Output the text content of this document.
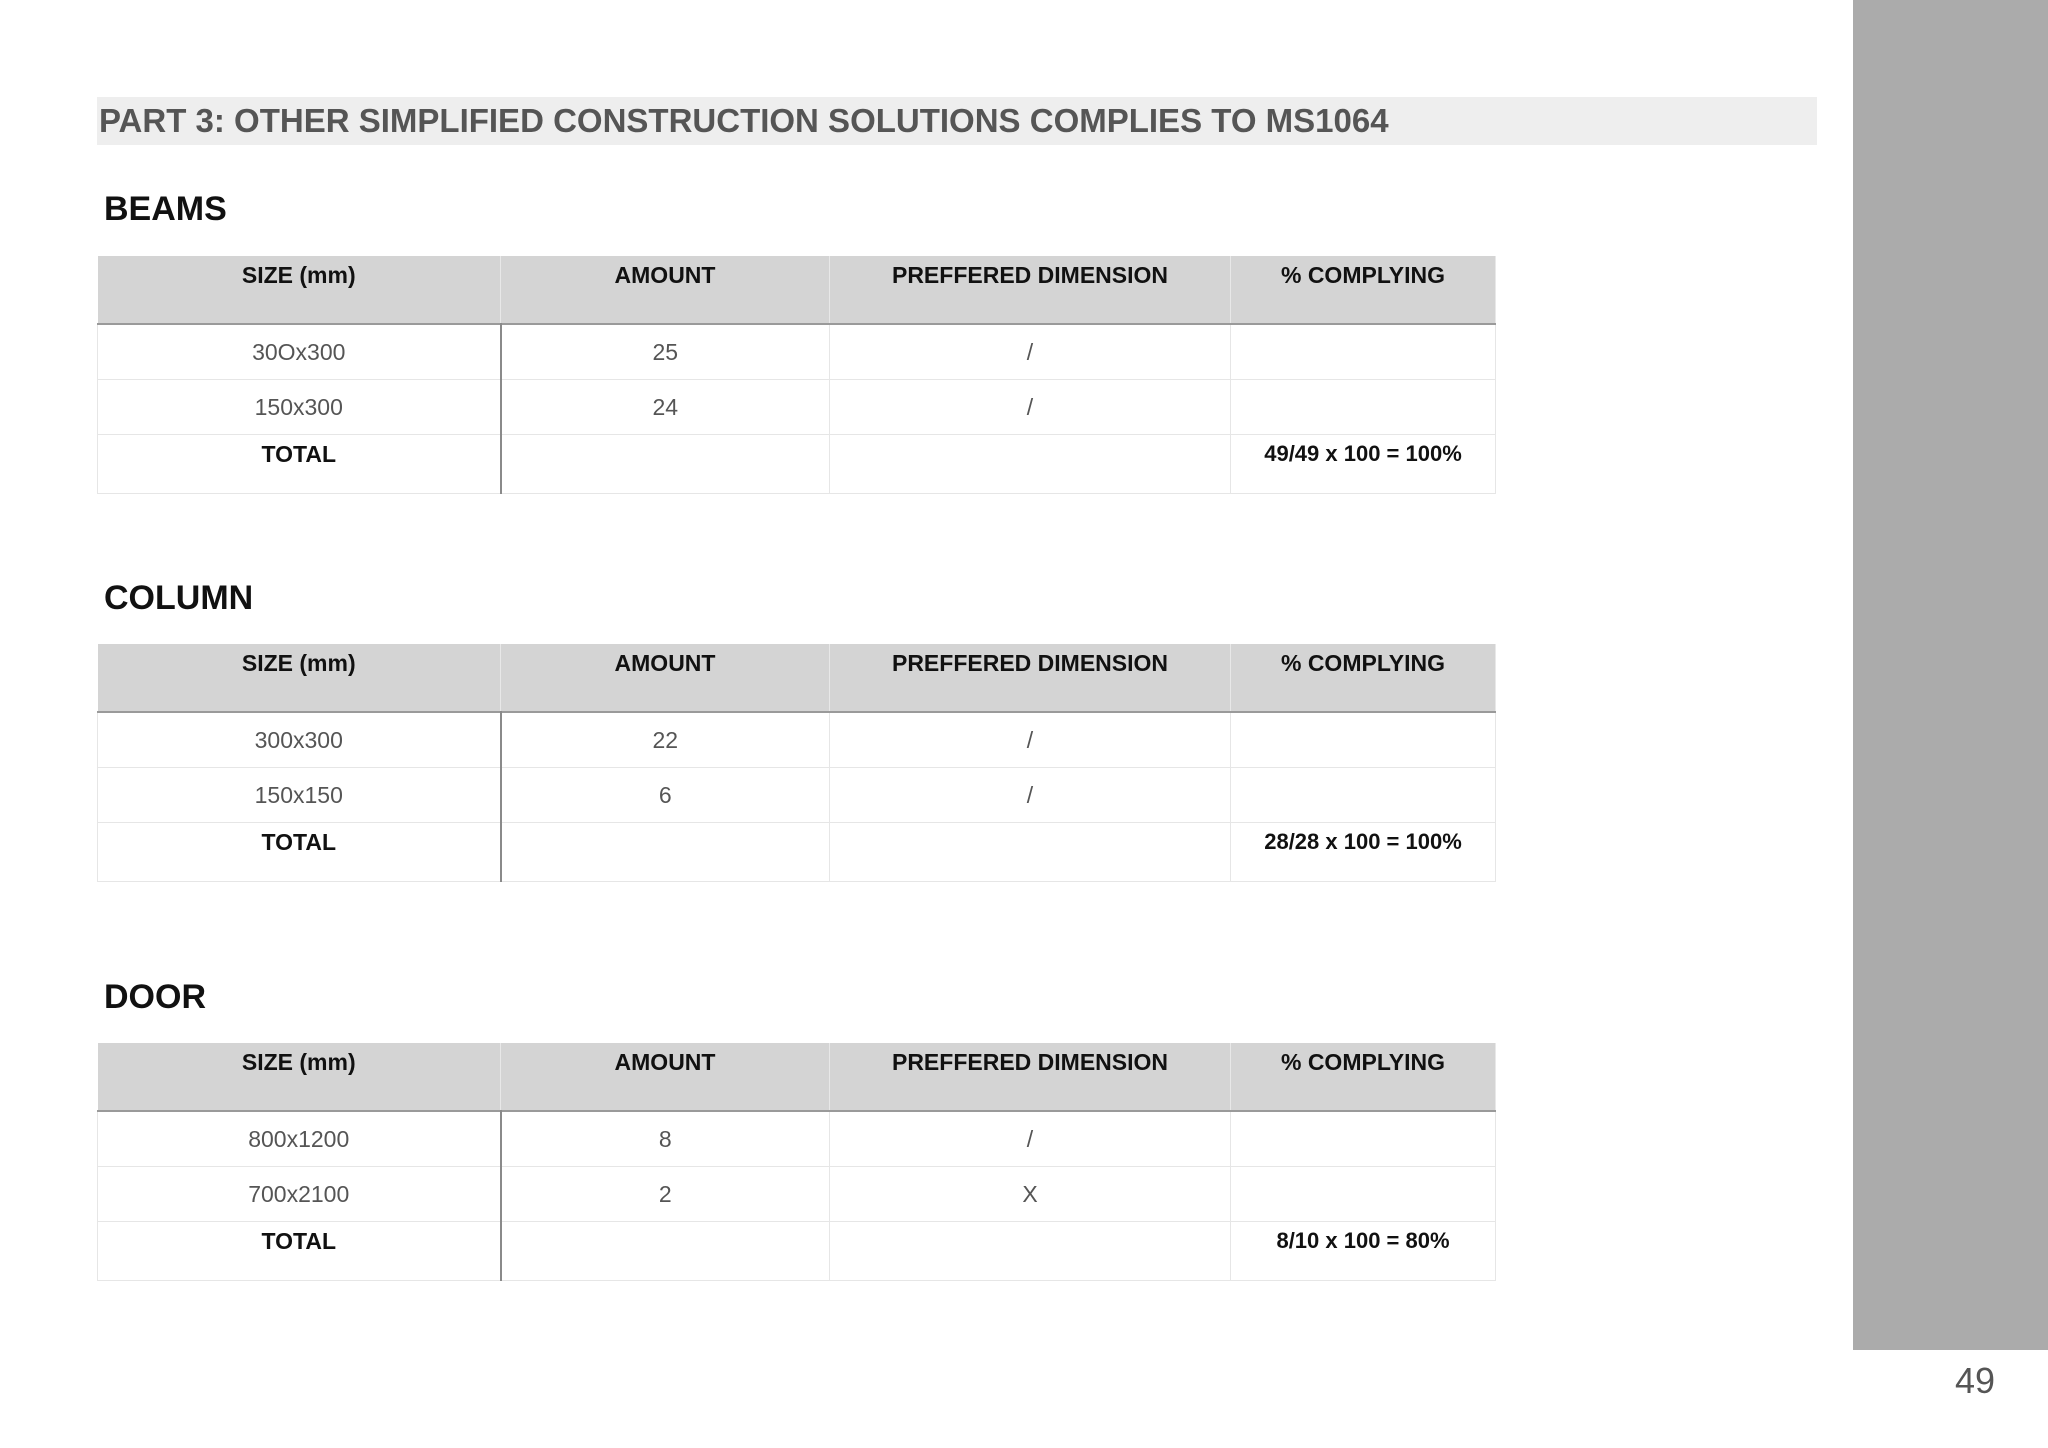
PART 3: OTHER SIMPLIFIED CONSTRUCTION SOLUTIONS COMPLIES TO MS1064
BEAMS
SIZE (mm)	AMOUNT	PREFFERED DIMENSION	% COMPLYING
30Ox300	25	/	
150x300	24	/	
TOTAL			49/49 x 100 = 100%
COLUMN
SIZE (mm)	AMOUNT	PREFFERED DIMENSION	% COMPLYING
300x300	22	/	
150x150	6	/	
TOTAL			28/28 x 100 = 100%
DOOR
SIZE (mm)	AMOUNT	PREFFERED DIMENSION	% COMPLYING
800x1200	8	/	
700x2100	2	X	
TOTAL			8/10 x 100 = 80%
49
